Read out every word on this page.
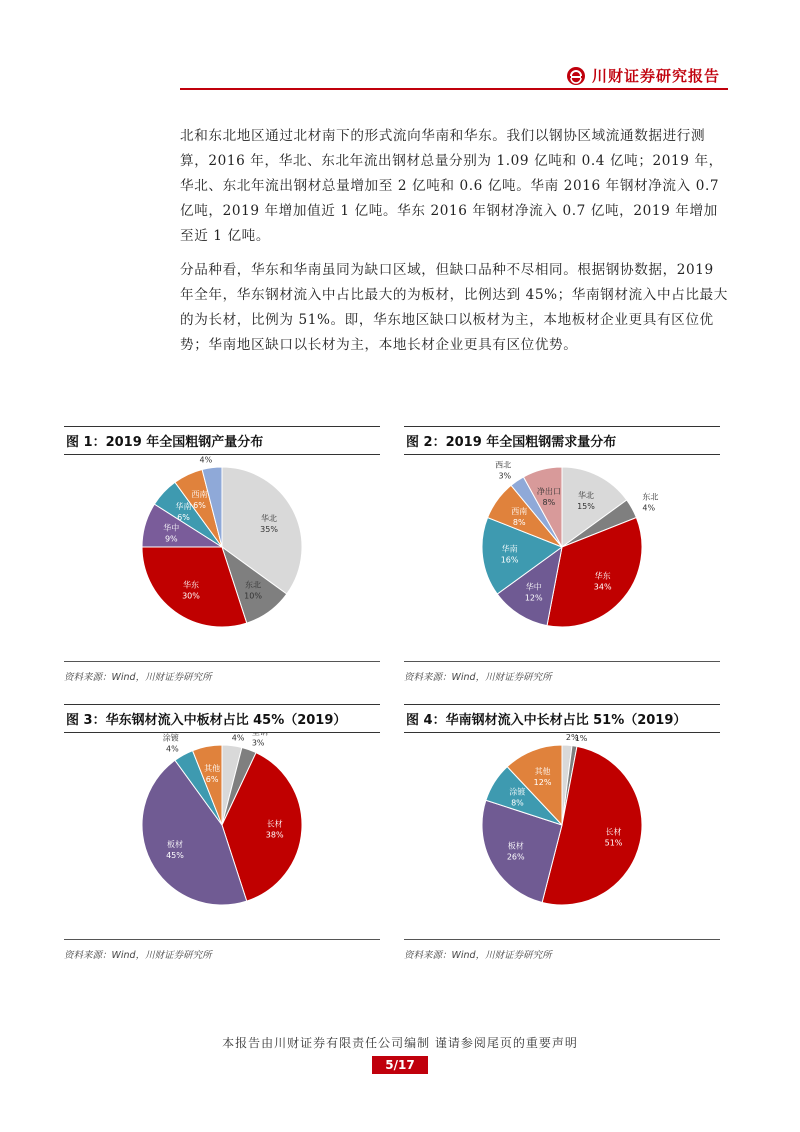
川财证券研究报告

北和东北地区通过北材南下的形式流向华南和华东。我们以钢协区域流通数据进行测算，2016 年，华北、东北年流出钢材总量分别为 1.09 亿吨和 0.4 亿吨；2019 年，华北、东北年流出钢材总量增加至 2 亿吨和 0.6 亿吨。华南 2016 年钢材净流入 0.7 亿吨，2019 年增加值近 1 亿吨。华东 2016 年钢材净流入 0.7 亿吨，2019 年增加至近 1 亿吨。

分品种看，华东和华南虽同为缺口区域，但缺口品种不尽相同。根据钢协数据，2019 年全年，华东钢材流入中占比最大的为板材，比例达到 45%；华南钢材流入中占比最大的为长材，比例为 51%。即，华东地区缺口以板材为主，本地板材企业更具有区位优势；华南地区缺口以长材为主，本地长材企业更具有区位优势。

图 1：2019 年全国粗钢产量分布
华北
35%
东北
10%
华东
30%
华中
9%
华南
6%
西南
6%
4%
资料来源：Wind，川财证券研究所
图 2：2019 年全国粗钢需求量分布
华北
15%
东北
4%
华东
34%
华中
12%
华南
16%
西南
8%
西北
3%
净出口
8%
资料来源：Wind，川财证券研究所
图 3：华东钢材流入中板材占比 45%（2019）
4%
3%
长材
38%
板材
45%
涂镀
4%
其他
6%
资料来源：Wind，川财证券研究所
图 4：华南钢材流入中长材占比 51%（2019）
2%
1%
长材
51%
板材
26%
涂镀
8%
其他
12%
资料来源：Wind，川财证券研究所
本报告由川财证券有限责任公司编制 谨请参阅尾页的重要声明
5/17
